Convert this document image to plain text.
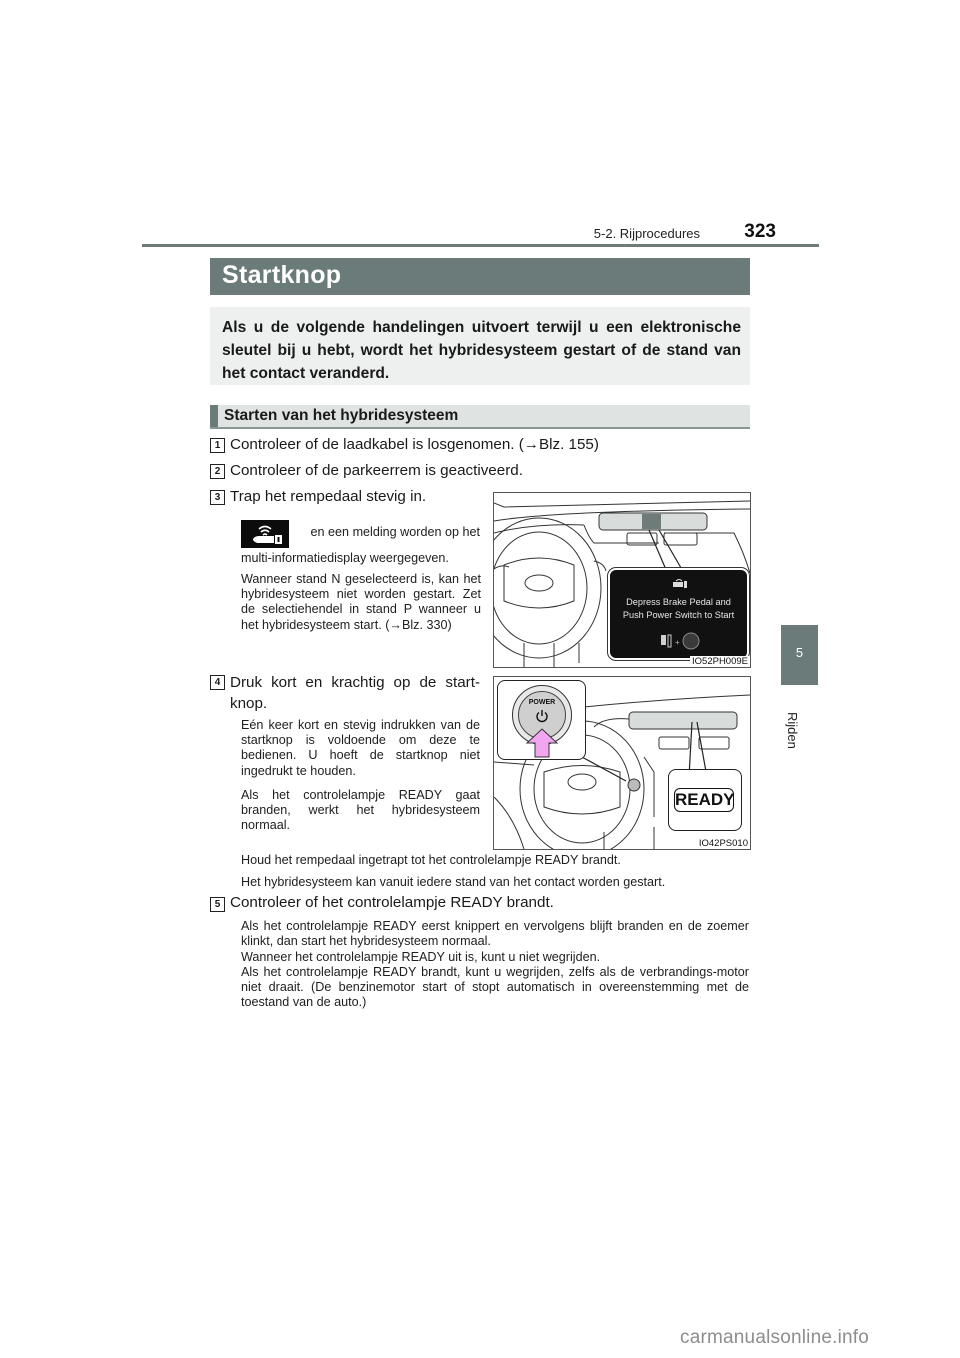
5-2. Rijprocedures	323
Startknop

Als u de volgende handelingen uitvoert terwijl u een elektronische sleutel bij u hebt, wordt het hybridesysteem gestart of de stand van het contact veranderd.

Starten van het hybridesysteem
1 Controleer of de laadkabel is losgenomen. (→Blz. 155)
2 Controleer of de parkeerrem is geactiveerd.
3 Trap het rempedaal stevig in.
en een melding worden op het
multi-informatiedisplay weergegeven.
Wanneer stand N geselecteerd is, kan het hybridesysteem niet worden gestart. Zet de selectiehendel in stand P wanneer u het hybridesysteem start. (→Blz. 330)
Depress Brake Pedal and
Push Power Switch to Start
+
IO52PH009E
4 Druk kort en krachtig op de start-knop.
Eén keer kort en stevig indrukken van de startknop is voldoende om deze te bedienen. U hoeft de startknop niet ingedrukt te houden.
Als het controlelampje READY gaat branden, werkt het hybridesysteem normaal.
Houd het rempedaal ingetrapt tot het controlelampje READY brandt.
Het hybridesysteem kan vanuit iedere stand van het contact worden gestart.
POWER
READY
IO42PS010
5 Controleer of het controlelampje READY brandt.
Als het controlelampje READY eerst knippert en vervolgens blijft branden en de zoemer klinkt, dan start het hybridesysteem normaal.
Wanneer het controlelampje READY uit is, kunt u niet wegrijden.
Als het controlelampje READY brandt, kunt u wegrijden, zelfs als de verbrandings-motor niet draait. (De benzinemotor start of stopt automatisch in overeenstemming met de toestand van de auto.)
5
Rijden
carmanualsonline.info
